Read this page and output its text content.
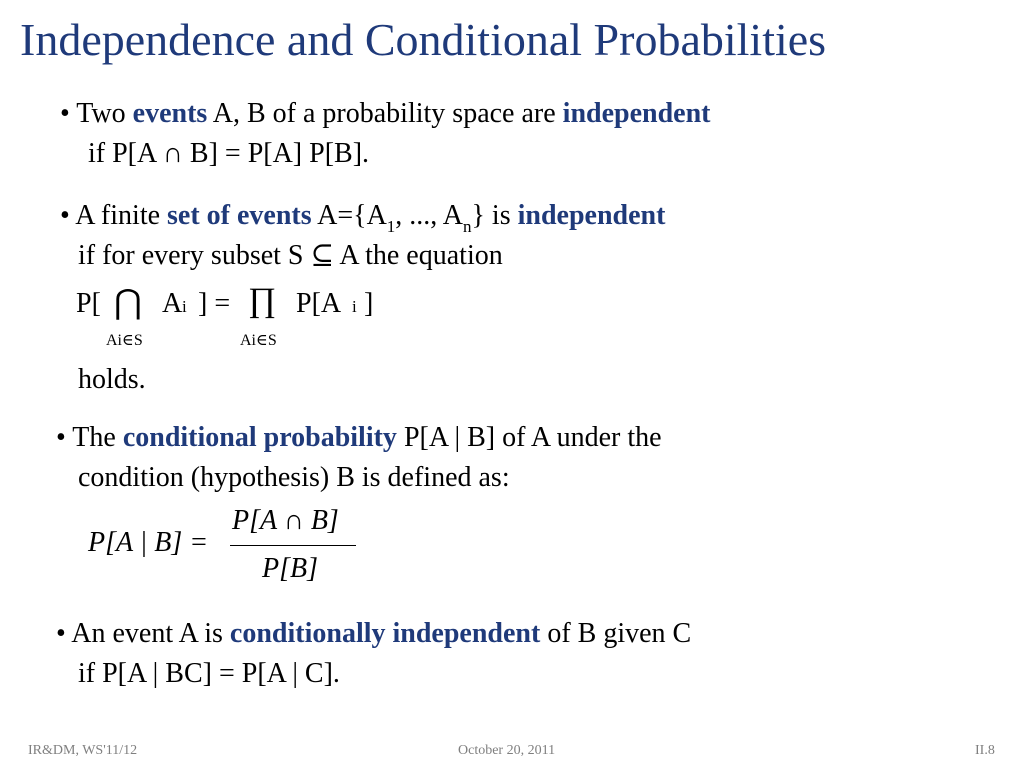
Independence and Conditional Probabilities
• Two events A, B of a probability space are independent
if P[A ∩ B] = P[A] P[B].
• A finite set of events $A=\{A_1$, ..., $A_n$} is independent
if for every subset S ⊆ A the equation
P[ ⋂ A i ] = ∏ P[A i ]
Ai∈S	Ai∈S
holds.
• The conditional probability P[A | B] of A under the
condition (hypothesis) B is defined as:
P[A | B] =
P[A ∩ B]
P[B]
• An event A is conditionally independent of B given C
if P[A | BC] = P[A | C].
IR&DM, WS'11/12	October 20, 2011	II.8
